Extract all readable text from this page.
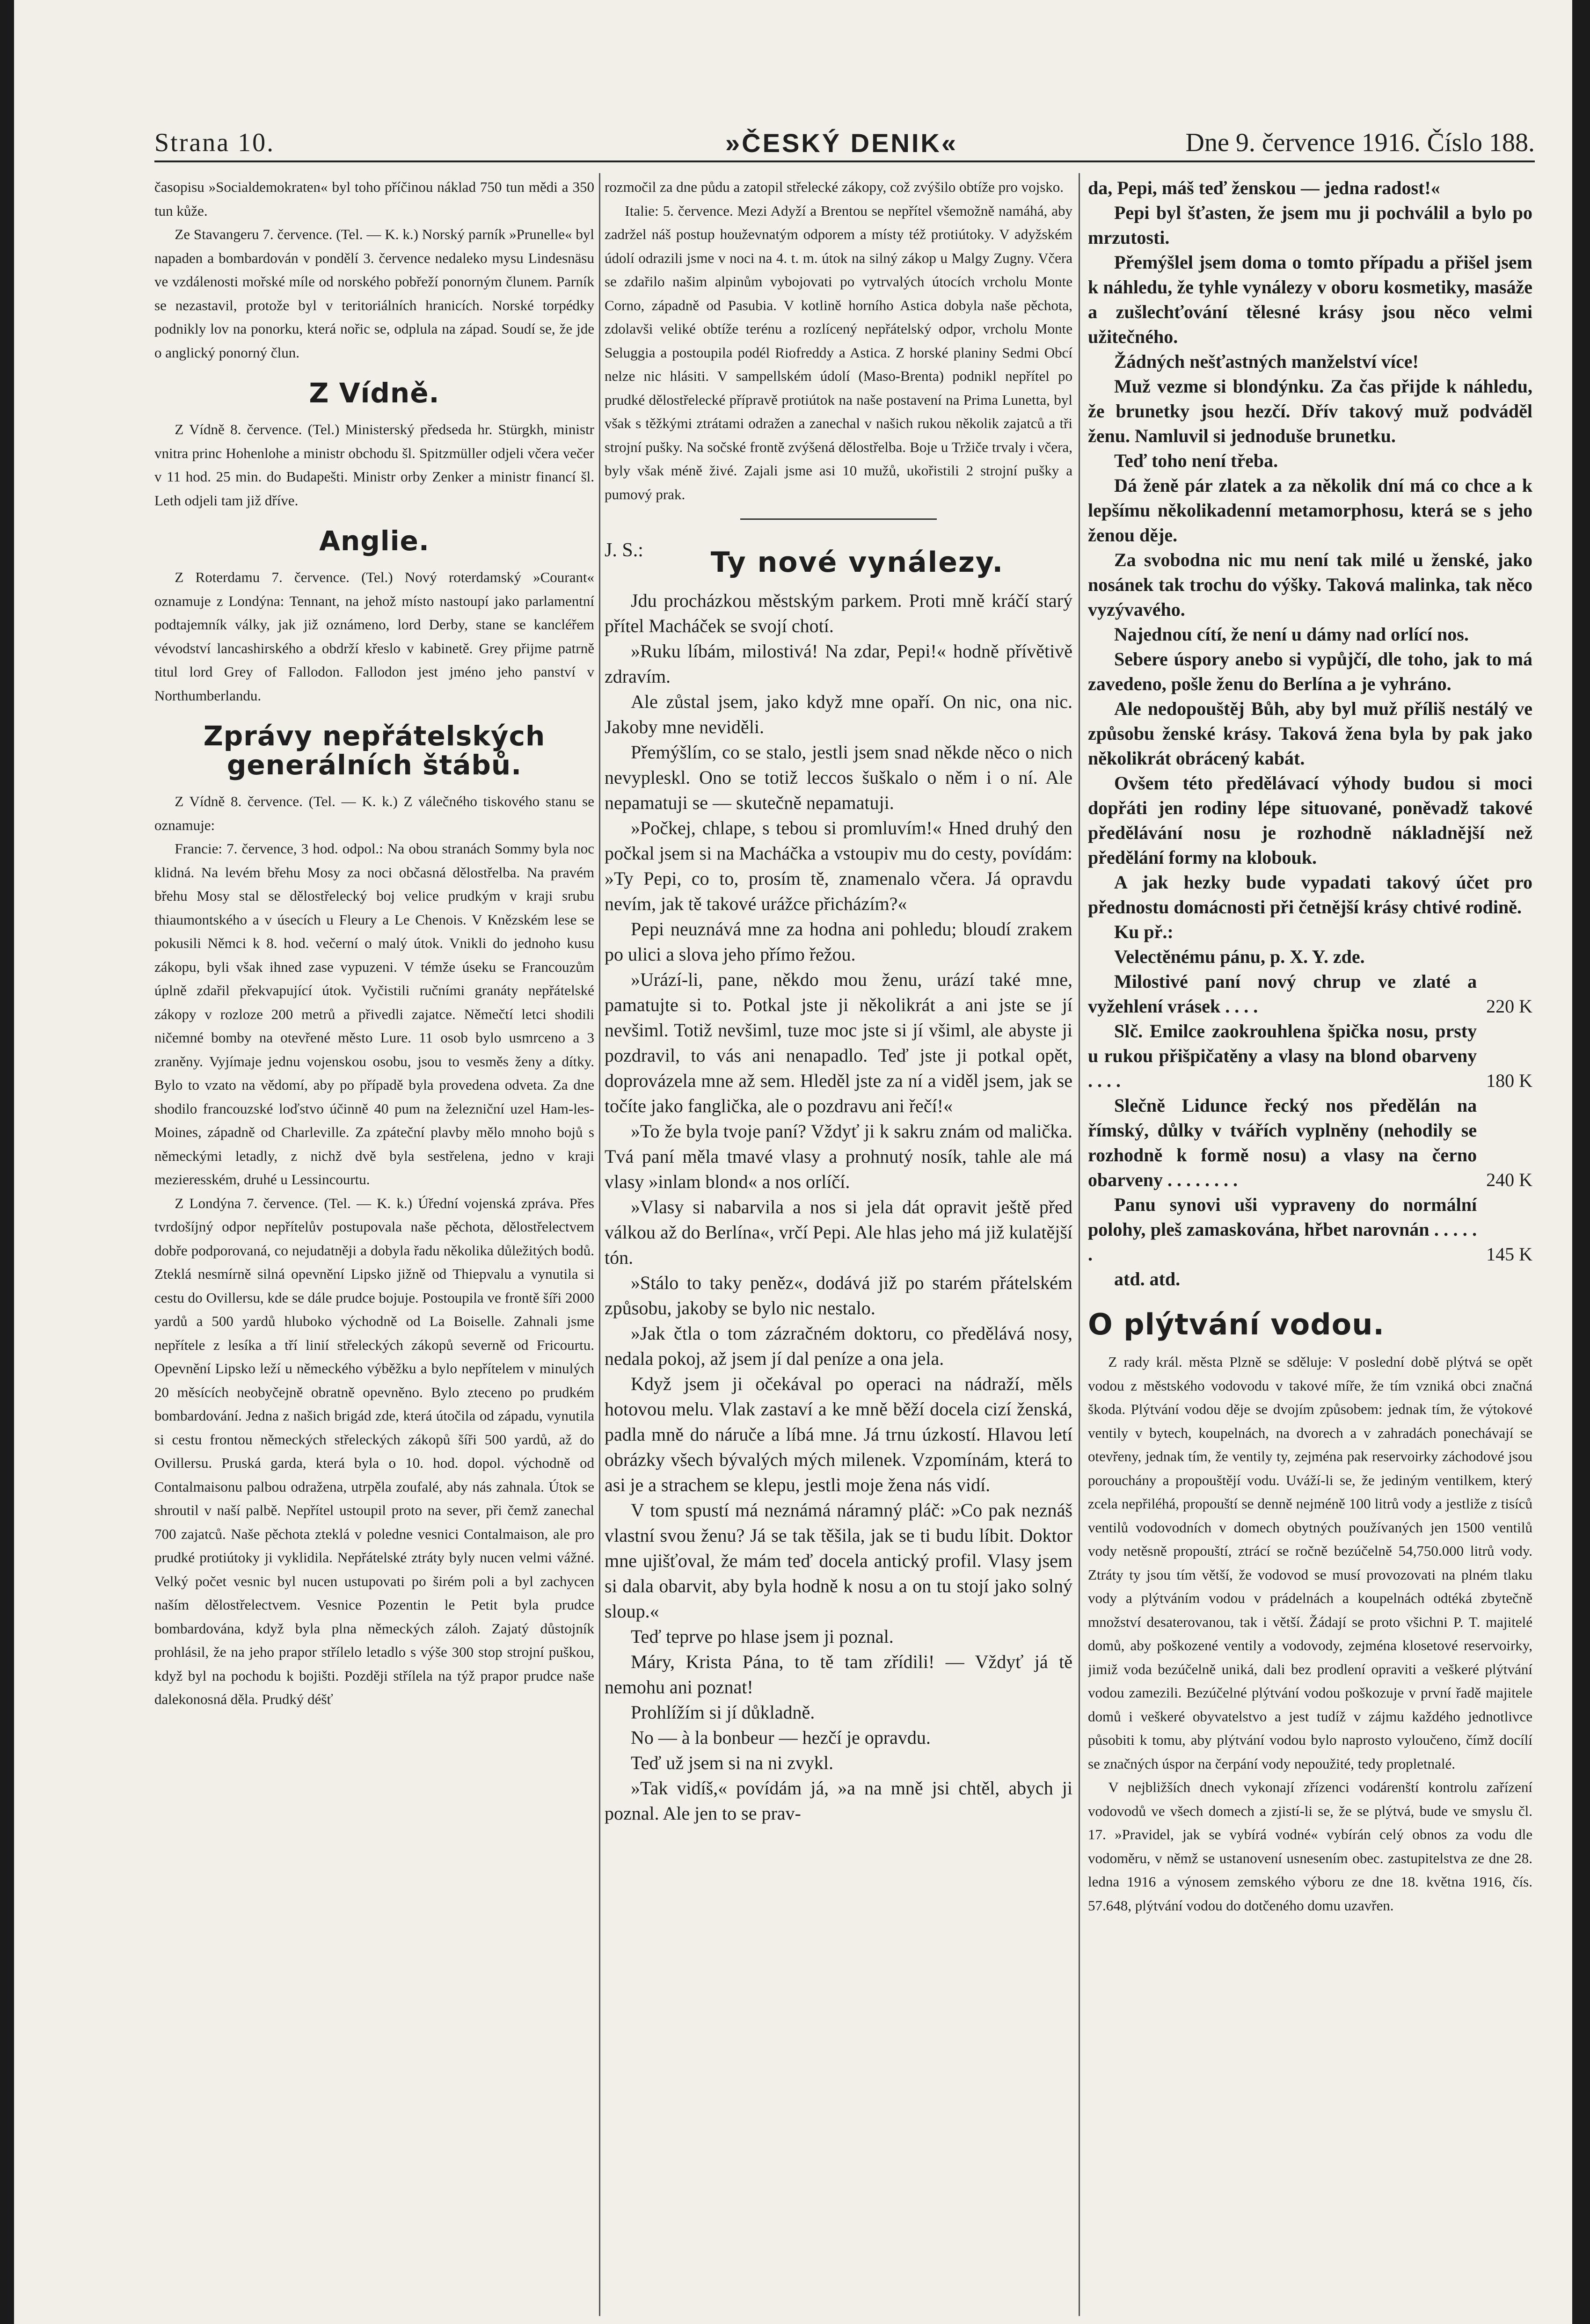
Strana 10.	»ČESKÝ DENIK«	Dne 9. července 1916. Číslo 188.

časopisu »Socialdemokraten« byl toho příčinou náklad 750 tun mědi a 350 tun kůže.

Ze Stavangeru 7. července. (Tel. — K. k.) Norský parník »Prunelle« byl napaden a bombardován v pondělí 3. července nedaleko mysu Lindesnäsu ve vzdálenosti mořské míle od norského pobřeží ponorným člunem. Parník se nezastavil, protože byl v teritoriálních hranicích. Norské torpédky podnikly lov na ponorku, která nořic se, odplula na západ. Soudí se, že jde o anglický ponorný člun.

Z Vídně.

Z Vídně 8. července. (Tel.) Ministerský předseda hr. Stürgkh, ministr vnitra princ Hohenlohe a ministr obchodu šl. Spitzmüller odjeli včera večer v 11 hod. 25 min. do Budapešti. Ministr orby Zenker a ministr financí šl. Leth odjeli tam již dříve.

Anglie.

Z Roterdamu 7. července. (Tel.) Nový roterdamský »Courant« oznamuje z Londýna: Tennant, na jehož místo nastoupí jako parlamentní podtajemník války, jak již oznámeno, lord Derby, stane se kancléřem vévodství lancashirského a obdrží křeslo v kabinetě. Grey přijme patrně titul lord Grey of Fallodon. Fallodon jest jméno jeho panství v Northumberlandu.

Zprávy nepřátelských generálních štábů.

Z Vídně 8. července. (Tel. — K. k.) Z válečného tiskového stanu se oznamuje:

Francie: 7. července, 3 hod. odpol.: Na obou stranách Sommy byla noc klidná. Na levém břehu Mosy za noci občasná dělostřelba. Na pravém břehu Mosy stal se dělostřelecký boj velice prudkým v kraji srubu thiaumontského a v úsecích u Fleury a Le Chenois. V Knězském lese se pokusili Němci k 8. hod. večerní o malý útok. Vnikli do jednoho kusu zákopu, byli však ihned zase vypuzeni. V témže úseku se Francouzům úplně zdařil překvapující útok. Vyčistili ručními granáty nepřátelské zákopy v rozloze 200 metrů a přivedli zajatce. Němečtí letci shodili ničemné bomby na otevřené město Lure. 11 osob bylo usmrceno a 3 zraněny. Vyjímaje jednu vojenskou osobu, jsou to vesměs ženy a dítky. Bylo to vzato na vědomí, aby po případě byla provedena odveta. Za dne shodilo francouzské loďstvo účinně 40 pum na železniční uzel Ham-les-Moines, západně od Charleville. Za zpáteční plavby mělo mnoho bojů s německými letadly, z nichž dvě byla sestřelena, jedno v kraji mezieresském, druhé u Lessincourtu.

Z Londýna 7. července. (Tel. — K. k.) Úřední vojenská zpráva. Přes tvrdošíjný odpor nepřítelův postupovala naše pěchota, dělostřelectvem dobře podporovaná, co nejudatněji a dobyla řadu několika důležitých bodů. Zteklá nesmírně silná opevnění Lipsko jižně od Thiepvalu a vynutila si cestu do Ovillersu, kde se dále prudce bojuje. Postoupila ve frontě šíři 2000 yardů a 500 yardů hluboko východně od La Boiselle. Zahnali jsme nepřítele z lesíka a tří linií střeleckých zákopů severně od Fricourtu. Opevnění Lipsko leží u německého výběžku a bylo nepřítelem v minulých 20 měsících neobyčejně obratně opevněno. Bylo zteceno po prudkém bombardování. Jedna z našich brigád zde, která útočila od západu, vynutila si cestu frontou německých střeleckých zákopů šíři 500 yardů, až do Ovillersu. Pruská garda, která byla o 10. hod. dopol. východně od Contalmaisonu palbou odražena, utrpěla zoufalé, aby nás zahnala. Útok se shroutil v naší palbě. Nepřítel ustoupil proto na sever, při čemž zanechal 700 zajatců. Naše pěchota zteklá v poledne vesnici Contalmaison, ale pro prudké protiútoky ji vyklidila. Nepřátelské ztráty byly nucen velmi vážné. Velký počet vesnic byl nucen ustupovati po širém poli a byl zachycen naším dělostřelectvem. Vesnice Pozentin le Petit byla prudce bombardována, když byla plna německých záloh. Zajatý důstojník prohlásil, že na jeho prapor střílelo letadlo s výše 300 stop strojní puškou, když byl na pochodu k bojišti. Později střílela na týž prapor prudce naše dalekonosná děla. Prudký déšť

rozmočil za dne půdu a zatopil střelecké zákopy, což zvýšilo obtíže pro vojsko.

Italie: 5. července. Mezi Adyží a Brentou se nepřítel všemožně namáhá, aby zadržel náš postup houževnatým odporem a místy též protiútoky. V adyžském údolí odrazili jsme v noci na 4. t. m. útok na silný zákop u Malgy Zugny. Včera se zdařilo našim alpinům vybojovati po vytrvalých útocích vrcholu Monte Corno, západně od Pasubia. V kotlině horního Astica dobyla naše pěchota, zdolavši veliké obtíže terénu a rozlícený nepřátelský odpor, vrcholu Monte Seluggia a postoupila podél Riofreddy a Astica. Z horské planiny Sedmi Obcí nelze nic hlásiti. V sampellském údolí (Maso-Brenta) podnikl nepřítel po prudké dělostřelecké přípravě protiútok na naše postavení na Prima Lunetta, byl však s těžkými ztrátami odražen a zanechal v našich rukou několik zajatců a tři strojní pušky. Na sočské frontě zvýšená dělostřelba. Boje u Tržiče trvaly i včera, byly však méně živé. Zajali jsme asi 10 mužů, ukořistili 2 strojní pušky a pumový prak.

J. S.:	Ty nové vynálezy.

Jdu procházkou městským parkem. Proti mně kráčí starý přítel Macháček se svojí chotí.

»Ruku líbám, milostivá! Na zdar, Pepi!« hodně přívětivě zdravím.

Ale zůstal jsem, jako když mne opaří. On nic, ona nic. Jakoby mne neviděli.

Přemýšlím, co se stalo, jestli jsem snad někde něco o nich nevypleskl. Ono se totiž leccos šuškalo o něm i o ní. Ale nepamatuji se — skutečně nepamatuji.

»Počkej, chlape, s tebou si promluvím!« Hned druhý den počkal jsem si na Macháčka a vstoupiv mu do cesty, povídám: »Ty Pepi, co to, prosím tě, znamenalo včera. Já opravdu nevím, jak tě takové urážce přicházím?«

Pepi neuznává mne za hodna ani pohledu; bloudí zrakem po ulici a slova jeho přímo řežou.

»Urází-li, pane, někdo mou ženu, urází také mne, pamatujte si to. Potkal jste ji několikrát a ani jste se jí nevšiml. Totiž nevšiml, tuze moc jste si jí všiml, ale abyste ji pozdravil, to vás ani nenapadlo. Teď jste ji potkal opět, doprovázela mne až sem. Hleděl jste za ní a viděl jsem, jak se točíte jako fanglička, ale o pozdravu ani řečí!«

»To že byla tvoje paní? Vždyť ji k sakru znám od malička. Tvá paní měla tmavé vlasy a prohnutý nosík, tahle ale má vlasy »inlam blond« a nos orlíčí.

»Vlasy si nabarvila a nos si jela dát opravit ještě před válkou až do Berlína«, vrčí Pepi. Ale hlas jeho má již kulatější tón.

»Stálo to taky peněz«, dodává již po starém přátelském způsobu, jakoby se bylo nic nestalo.

»Jak čtla o tom zázračném doktoru, co předělává nosy, nedala pokoj, až jsem jí dal peníze a ona jela.

Když jsem ji očekával po operaci na nádraží, měls hotovou melu. Vlak zastaví a ke mně běží docela cizí ženská, padla mně do náruče a líbá mne. Já trnu úzkostí. Hlavou letí obrázky všech bývalých mých milenek. Vzpomínám, která to asi je a strachem se klepu, jestli moje žena nás vidí.

V tom spustí má neznámá náramný pláč: »Co pak neznáš vlastní svou ženu? Já se tak těšila, jak se ti budu líbit. Doktor mne ujišťoval, že mám teď docela antický profil. Vlasy jsem si dala obarvit, aby byla hodně k nosu a on tu stojí jako solný sloup.«

Teď teprve po hlase jsem ji poznal.

Máry, Krista Pána, to tě tam zřídili! — Vždyť já tě nemohu ani poznat!

Prohlížím si jí důkladně.

No — à la bonbeur — hezčí je opravdu.

Teď už jsem si na ni zvykl.

»Tak vidíš,« povídám já, »a na mně jsi chtěl, abych ji poznal. Ale jen to se prav-

da, Pepi, máš teď ženskou — jedna radost!«

Pepi byl šťasten, že jsem mu ji pochválil a bylo po mrzutosti.

Přemýšlel jsem doma o tomto případu a přišel jsem k náhledu, že tyhle vynálezy v oboru kosmetiky, masáže a zušlechťování tělesné krásy jsou něco velmi užitečného.

Žádných nešťastných manželství více!

Muž vezme si blondýnku. Za čas přijde k náhledu, že brunetky jsou hezčí. Dřív takový muž podváděl ženu. Namluvil si jednoduše brunetku.

Teď toho není třeba.

Dá ženě pár zlatek a za několik dní má co chce a k lepšímu několikadenní metamorphosu, která se s jeho ženou děje.

Za svobodna nic mu není tak milé u ženské, jako nosánek tak trochu do výšky. Taková malinka, tak něco vyzývavého.

Najednou cítí, že není u dámy nad orlící nos.

Sebere úspory anebo si vypůjčí, dle toho, jak to má zavedeno, pošle ženu do Berlína a je vyhráno.

Ale nedopouštěj Bůh, aby byl muž příliš nestálý ve způsobu ženské krásy. Taková žena byla by pak jako několikrát obrácený kabát.

Ovšem této předělávací výhody budou si moci dopřáti jen rodiny lépe situované, poněvadž takové předělávání nosu je rozhodně nákladnější než předělání formy na klobouk.

A jak hezky bude vypadati takový účet pro přednostu domácnosti při četnější krásy chtivé rodině.

Ku př.:

Velectěnému pánu, p. X. Y. zde.

Milostivé paní nový chrup ve zlaté a vyžehlení vrásek . . . .	220 K

Slč. Emilce zaokrouhlena špička nosu, prsty u rukou přišpičatěny a vlasy na blond obarveny . . . .	180 K

Slečně Lidunce řecký nos předělán na římský, důlky v tvářích vyplněny (nehodily se rozhodně k formě nosu) a vlasy na černo obarveny . . . . . . . .	240 K

Panu synovi uši vypraveny do normální polohy, pleš zamaskována, hřbet narovnán . . . . . .	145 K

atd. atd.

O plýtvání vodou.

Z rady král. města Plzně se sděluje: V poslední době plýtvá se opět vodou z městského vodovodu v takové míře, že tím vzniká obci značná škoda. Plýtvání vodou děje se dvojím způsobem: jednak tím, že výtokové ventily v bytech, koupelnách, na dvorech a v zahradách ponechávají se otevřeny, jednak tím, že ventily ty, zejména pak reservoirky záchodové jsou porouchány a propouštějí vodu. Uváží-li se, že jediným ventilkem, který zcela nepřiléhá, propouští se denně nejméně 100 litrů vody a jestliže z tisíců ventilů vodovodních v domech obytných používaných jen 1500 ventilů vody netěsně propouští, ztrácí se ročně bezúčelně 54,750.000 litrů vody. Ztráty ty jsou tím větší, že vodovod se musí provozovati na plném tlaku vody a plýtváním vodou v prádelnách a koupelnách odtéká zbytečně množství desaterovanou, tak i větší. Žádají se proto všichni P. T. majitelé domů, aby poškozené ventily a vodovody, zejména klosetové reservoirky, jimiž voda bezúčelně uniká, dali bez prodlení opraviti a veškeré plýtvání vodou zamezili. Bezúčelné plýtvání vodou poškozuje v první řadě majitele domů i veškeré obyvatelstvo a jest tudíž v zájmu každého jednotlivce působiti k tomu, aby plýtvání vodou bylo naprosto vyloučeno, čímž docílí se značných úspor na čerpání vody nepoužité, tedy propletnalé.

V nejbližších dnech vykonají zřízenci vodárenští kontrolu zařízení vodovodů ve všech domech a zjistí-li se, že se plýtvá, bude ve smyslu čl. 17. »Pravidel, jak se vybírá vodné« vybírán celý obnos za vodu dle vodoměru, v němž se ustanovení usnesením obec. zastupitelstva ze dne 28. ledna 1916 a výnosem zemského výboru ze dne 18. května 1916, čís. 57.648, plýtvání vodou do dotčeného domu uzavřen.
